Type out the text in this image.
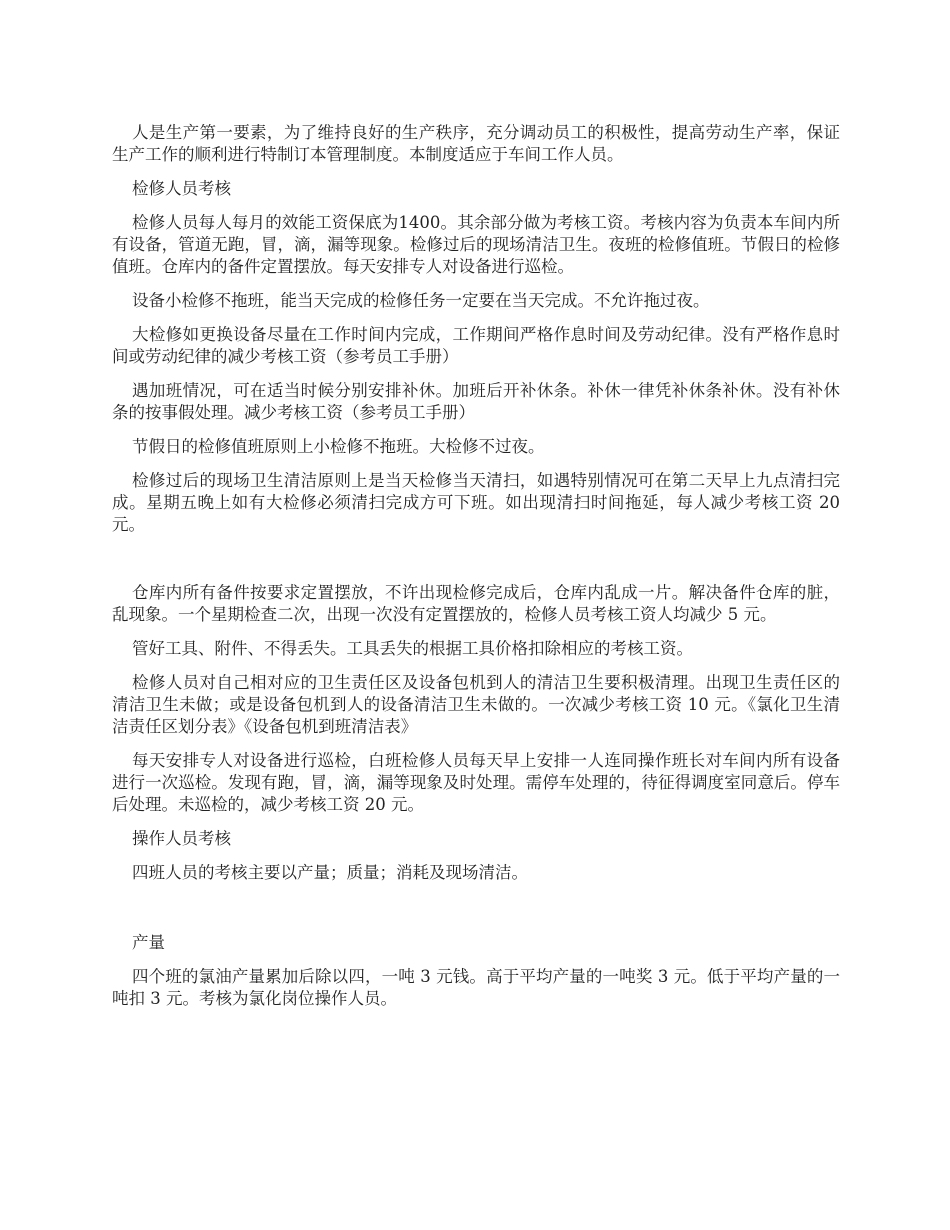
人是生产第一要素，为了维持良好的生产秩序，充分调动员工的积极性，提高劳动生产率，保证生产工作的顺利进行特制订本管理制度。本制度适应于车间工作人员。

检修人员考核

检修人员每人每月的效能工资保底为1400。其余部分做为考核工资。考核内容为负责本车间内所有设备，管道无跑，冒，滴，漏等现象。检修过后的现场清洁卫生。夜班的检修值班。节假日的检修值班。仓库内的备件定置摆放。每天安排专人对设备进行巡检。

设备小检修不拖班，能当天完成的检修任务一定要在当天完成。不允许拖过夜。

大检修如更换设备尽量在工作时间内完成，工作期间严格作息时间及劳动纪律。没有严格作息时间或劳动纪律的减少考核工资（参考员工手册）

遇加班情况，可在适当时候分别安排补休。加班后开补休条。补休一律凭补休条补休。没有补休条的按事假处理。减少考核工资（参考员工手册）

节假日的检修值班原则上小检修不拖班。大检修不过夜。

检修过后的现场卫生清洁原则上是当天检修当天清扫，如遇特别情况可在第二天早上九点清扫完成。星期五晚上如有大检修必须清扫完成方可下班。如出现清扫时间拖延，每人减少考核工资 20 元。

仓库内所有备件按要求定置摆放，不许出现检修完成后，仓库内乱成一片。解决备件仓库的脏，乱现象。一个星期检查二次，出现一次没有定置摆放的，检修人员考核工资人均减少 5 元。

管好工具、附件、不得丢失。工具丢失的根据工具价格扣除相应的考核工资。

检修人员对自己相对应的卫生责任区及设备包机到人的清洁卫生要积极清理。出现卫生责任区的清洁卫生未做；或是设备包机到人的设备清洁卫生未做的。一次减少考核工资 10 元。《氯化卫生清洁责任区划分表》《设备包机到班清洁表》

每天安排专人对设备进行巡检，白班检修人员每天早上安排一人连同操作班长对车间内所有设备进行一次巡检。发现有跑，冒，滴，漏等现象及时处理。需停车处理的，待征得调度室同意后。停车后处理。未巡检的，减少考核工资 20 元。

操作人员考核

四班人员的考核主要以产量；质量；消耗及现场清洁。

产量

四个班的氯油产量累加后除以四，一吨 3 元钱。高于平均产量的一吨奖 3 元。低于平均产量的一吨扣 3 元。考核为氯化岗位操作人员。
